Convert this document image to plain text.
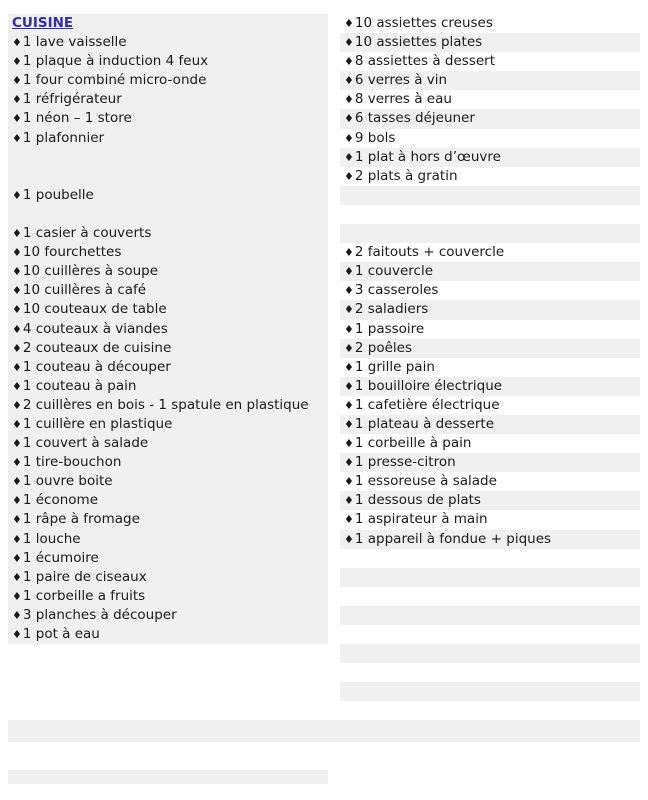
CUISINE
♦1 lave vaisselle
♦1 plaque à induction 4 feux
♦1 four combiné micro-onde
♦1 réfrigérateur
♦1 néon – 1 store
♦1 plafonnier
♦1 poubelle
♦1 casier à couverts
♦10 fourchettes
♦10 cuillères à soupe
♦10 cuillères à café
♦10 couteaux de table
♦4 couteaux à viandes
♦2 couteaux de cuisine
♦1 couteau à découper
♦1 couteau à pain
♦2 cuillères en bois - 1 spatule en plastique
♦1 cuillère en plastique
♦1 couvert à salade
♦1 tire-bouchon
♦1 ouvre boite
♦1 économe
♦1 râpe à fromage
♦1 louche
♦1 écumoire
♦1 paire de ciseaux
♦1 corbeille a fruits
♦3 planches à découper
♦1 pot à eau
♦10 assiettes creuses
♦10 assiettes plates
♦8 assiettes à dessert
♦6 verres à vin
♦8 verres à eau
♦6 tasses déjeuner
♦9 bols
♦1 plat à hors d’œuvre
♦2 plats à gratin
♦2 faitouts + couvercle
♦1 couvercle
♦3 casseroles
♦2 saladiers
♦1 passoire
♦2 poêles
♦1 grille pain
♦1 bouilloire électrique
♦1 cafetière électrique
♦1 plateau à desserte
♦1 corbeille à pain
♦1 presse-citron
♦1 essoreuse à salade
♦1 dessous de plats
♦1 aspirateur à main
♦1 appareil à fondue + piques
